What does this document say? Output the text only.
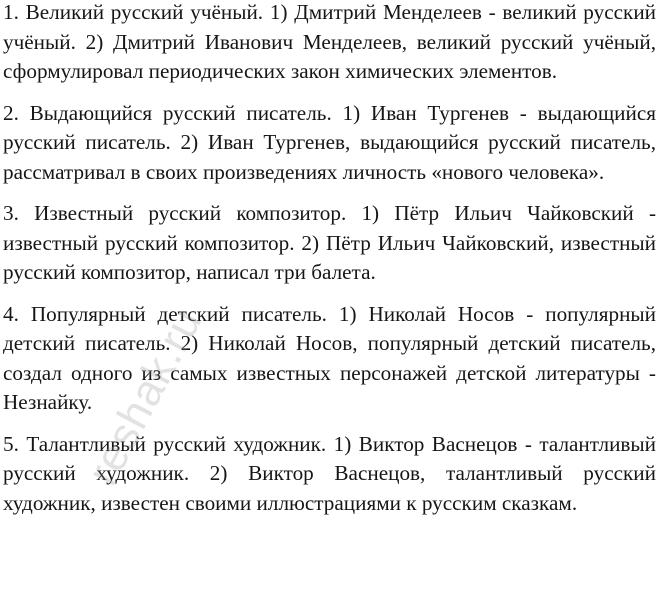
1. Великий русский учёный. 1) Дмитрий Менделеев - великий русский учёный. 2) Дмитрий Иванович Менделеев, великий русский учёный, сформулировал периодических закон химических элементов.

2. Выдающийся русский писатель. 1) Иван Тургенев - выдающийся русский писатель. 2) Иван Тургенев, выдающийся русский писатель, рассматривал в своих произведениях личность «нового человека».

3. Известный русский композитор. 1) Пётр Ильич Чайковский - известный русский композитор. 2) Пётр Ильич Чайковский, известный русский композитор, написал три балета.

4. Популярный детский писатель. 1) Николай Носов - популярный детский писатель. 2) Николай Носов, популярный детский писатель, создал одного из самых известных персонажей детской литературы - Незнайку.

5. Талантливый русский художник. 1) Виктор Васнецов - талантливый русский художник. 2) Виктор Васнецов, талантливый русский художник, известен своими иллюстрациями к русским сказкам.

reshak.ru
